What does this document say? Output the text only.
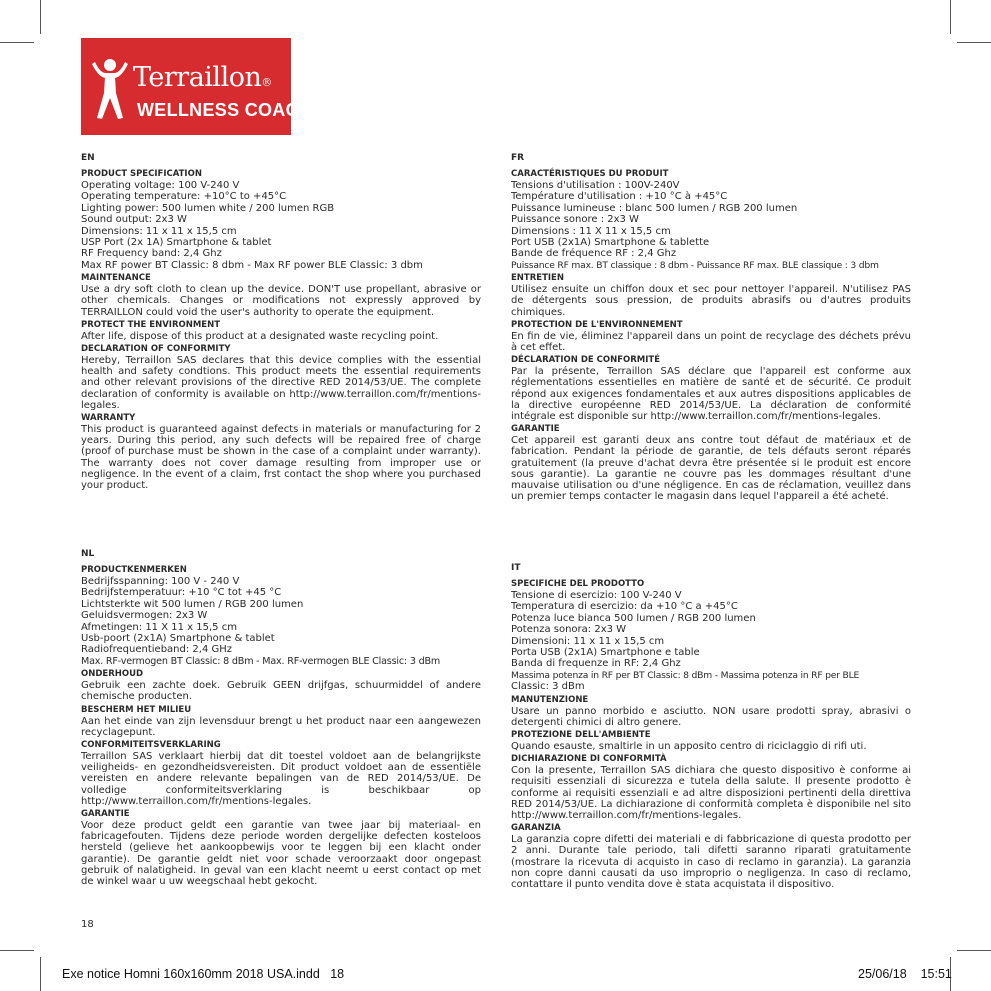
Terraillon®
WELLNESS COACH
EN
PRODUCT SPECIFICATION
Operating voltage: 100 V-240 V
Operating temperature: +10°C to +45°C
Lighting power: 500 lumen white / 200 lumen RGB
Sound output: 2x3 W
Dimensions: 11 x 11 x 15,5 cm
USP Port (2x 1A) Smartphone & tablet
RF Frequency band: 2,4 Ghz
Max RF power BT Classic: 8 dbm - Max RF power BLE Classic: 3 dbm
MAINTENANCE
Use a dry soft cloth to clean up the device. DON'T use propellant, abrasive or other chemicals. Changes or modifications not expressly approved by TERRAILLON could void the user's authority to operate the equipment.
PROTECT THE ENVIRONMENT
After life, dispose of this product at a designated waste recycling point.
DECLARATION OF CONFORMITY
Hereby, Terraillon SAS declares that this device complies with the essential health and safety condtions. This product meets the essential requirements and other relevant provisions of the directive RED 2014/53/UE. The complete declaration of conformity is available on http://www.terraillon.com/fr/mentions-legales.
WARRANTY
This product is guaranteed against defects in materials or manufacturing for 2 years. During this period, any such defects will be repaired free of charge (proof of purchase must be shown in the case of a complaint under warranty). The warranty does not cover damage resulting from improper use or negligence. In the event of a claim, frst contact the shop where you purchased your product.
FR
CARACTÉRISTIQUES DU PRODUIT
Tensions d'utilisation : 100V-240V
Température d'utilisation : +10 °C à +45°C
Puissance lumineuse : blanc 500 lumen / RGB 200 lumen
Puissance sonore : 2x3 W
Dimensions : 11 X 11 x 15,5 cm
Port USB (2x1A) Smartphone & tablette
Bande de fréquence RF : 2,4 Ghz
Puissance RF max. BT classique : 8 dbm - Puissance RF max. BLE classique : 3 dbm
ENTRETIEN
Utilisez ensuite un chiffon doux et sec pour nettoyer l'appareil. N'utilisez PAS de détergents sous pression, de produits abrasifs ou d'autres produits chimiques.
PROTECTION DE L'ENVIRONNEMENT
En fin de vie, éliminez l'appareil dans un point de recyclage des déchets prévu à cet effet.
DÉCLARATION DE CONFORMITÉ
Par la présente, Terraillon SAS déclare que l'appareil est conforme aux réglementations essentielles en matière de santé et de sécurité. Ce produit répond aux exigences fondamentales et aux autres dispositions applicables de la directive européenne RED 2014/53/UE. La déclaration de conformité intégrale est disponible sur http://www.terraillon.com/fr/mentions-legales.
GARANTIE
Cet appareil est garanti deux ans contre tout défaut de matériaux et de fabrication. Pendant la période de garantie, de tels défauts seront réparés gratuitement (la preuve d'achat devra être présentée si le produit est encore sous garantie). La garantie ne couvre pas les dommages résultant d'une mauvaise utilisation ou d'une négligence. En cas de réclamation, veuillez dans un premier temps contacter le magasin dans lequel l'appareil a été acheté.
NL
PRODUCTKENMERKEN
Bedrijfsspanning: 100 V - 240 V
Bedrijfstemperatuur: +10 °C tot +45 °C
Lichtsterkte wit 500 lumen / RGB 200 lumen
Geluidsvermogen: 2x3 W
Afmetingen: 11 X 11 x 15,5 cm
Usb-poort (2x1A) Smartphone & tablet
Radiofrequentieband: 2,4 GHz
Max. RF-vermogen BT Classic: 8 dBm - Max. RF-vermogen BLE Classic: 3 dBm
ONDERHOUD
Gebruik een zachte doek. Gebruik GEEN drijfgas, schuurmiddel of andere chemische producten.
BESCHERM HET MILIEU
Aan het einde van zijn levensduur brengt u het product naar een aangewezen recyclagepunt.
CONFORMITEITSVERKLARING
Terraillon SAS verklaart hierbij dat dit toestel voldoet aan de belangrijkste veiligheids- en gezondheidsvereisten. Dit product voldoet aan de essentiële vereisten en andere relevante bepalingen van de RED 2014/53/UE. De volledige conformiteitsverklaring is beschikbaar op http://www.terraillon.com/fr/mentions-legales.
GARANTIE
Voor deze product geldt een garantie van twee jaar bij materiaal- en fabricagefouten. Tijdens deze periode worden dergelijke defecten kosteloos hersteld (gelieve het aankoopbewijs voor te leggen bij een klacht onder garantie). De garantie geldt niet voor schade veroorzaakt door ongepast gebruik of nalatigheid. In geval van een klacht neemt u eerst contact op met de winkel waar u uw weegschaal hebt gekocht.
IT
SPECIFICHE DEL PRODOTTO
Tensione di esercizio: 100 V-240 V
Temperatura di esercizio: da +10 °C a +45°C
Potenza luce bianca 500 lumen / RGB 200 lumen
Potenza sonora: 2x3 W
Dimensioni: 11 x 11 x 15,5 cm
Porta USB (2x1A) Smartphone e table
Banda di frequenze in RF: 2,4 Ghz
Massima potenza in RF per BT Classic: 8 dBm - Massima potenza in RF per BLE
Classic: 3 dBm
MANUTENZIONE
Usare un panno morbido e asciutto. NON usare prodotti spray, abrasivi o detergenti chimici di altro genere.
PROTEZIONE DELL'AMBIENTE
Quando esauste, smaltirle in un apposito centro di riciclaggio di rifi uti.
DICHIARAZIONE DI CONFORMITÀ
Con la presente, Terraillon SAS dichiara che questo dispositivo è conforme ai requisiti essenziali di sicurezza e tutela della salute. Il presente prodotto è conforme ai requisiti essenziali e ad altre disposizioni pertinenti della direttiva RED 2014/53/UE. La dichiarazione di conformità completa è disponibile nel sito http://www.terraillon.com/fr/mentions-legales.
GARANZIA
La garanzia copre difetti dei materiali e di fabbricazione di questa prodotto per 2 anni. Durante tale periodo, tali difetti saranno riparati gratuitamente (mostrare la ricevuta di acquisto in caso di reclamo in garanzia). La garanzia non copre danni causati da uso improprio o negligenza. In caso di reclamo, contattare il punto vendita dove è stata acquistata il dispositivo.
18
Exe notice Homni 160x160mm 2018 USA.indd 18	25/06/18 15:51
